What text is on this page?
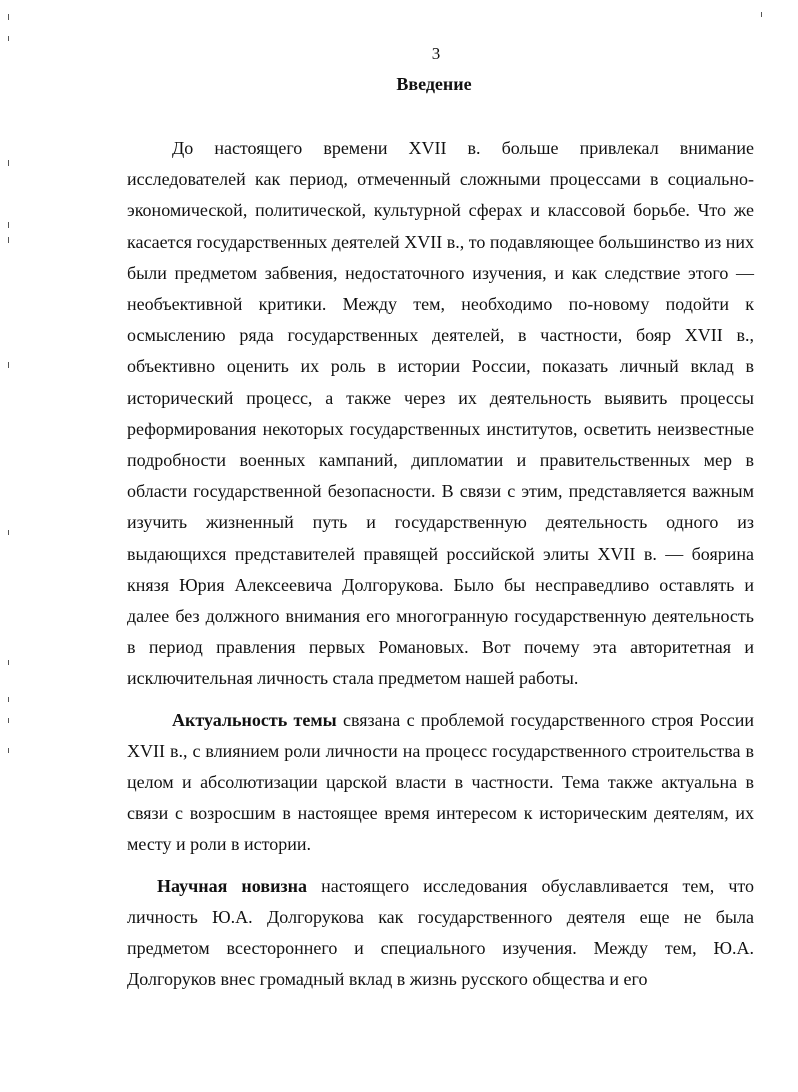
3
Введение

До настоящего времени XVII в. больше привлекал внимание исследователей как период, отмеченный сложными процессами в социально-экономической, политической, культурной сферах и классовой борьбе. Что же касается государственных деятелей XVII в., то подавляющее большинство из них были предметом забвения, недостаточного изучения, и как следствие этого — необъективной критики. Между тем, необходимо по-новому подойти к осмыслению ряда государственных деятелей, в частности, бояр XVII в., объективно оценить их роль в истории России, показать личный вклад в исторический процесс, а также через их деятельность выявить процессы реформирования некоторых государственных институтов, осветить неизвестные подробности военных кампаний, дипломатии и правительственных мер в области государственной безопасности. В связи с этим, представляется важным изучить жизненный путь и государственную деятельность одного из выдающихся представителей правящей российской элиты XVII в. — боярина князя Юрия Алексеевича Долгорукова. Было бы несправедливо оставлять и далее без должного внимания его многогранную государственную деятельность в период правления первых Романовых. Вот почему эта авторитетная и исключительная личность стала предметом нашей работы.

Актуальность темы связана с проблемой государственного строя России XVII в., с влиянием роли личности на процесс государственного строительства в целом и абсолютизации царской власти в частности. Тема также актуальна в связи с возросшим в настоящее время интересом к историческим деятелям, их месту и роли в истории.

Научная новизна настоящего исследования обуславливается тем, что личность Ю.А. Долгорукова как государственного деятеля еще не была предметом всестороннего и специального изучения. Между тем, Ю.А. Долгоруков внес громадный вклад в жизнь русского общества и его
